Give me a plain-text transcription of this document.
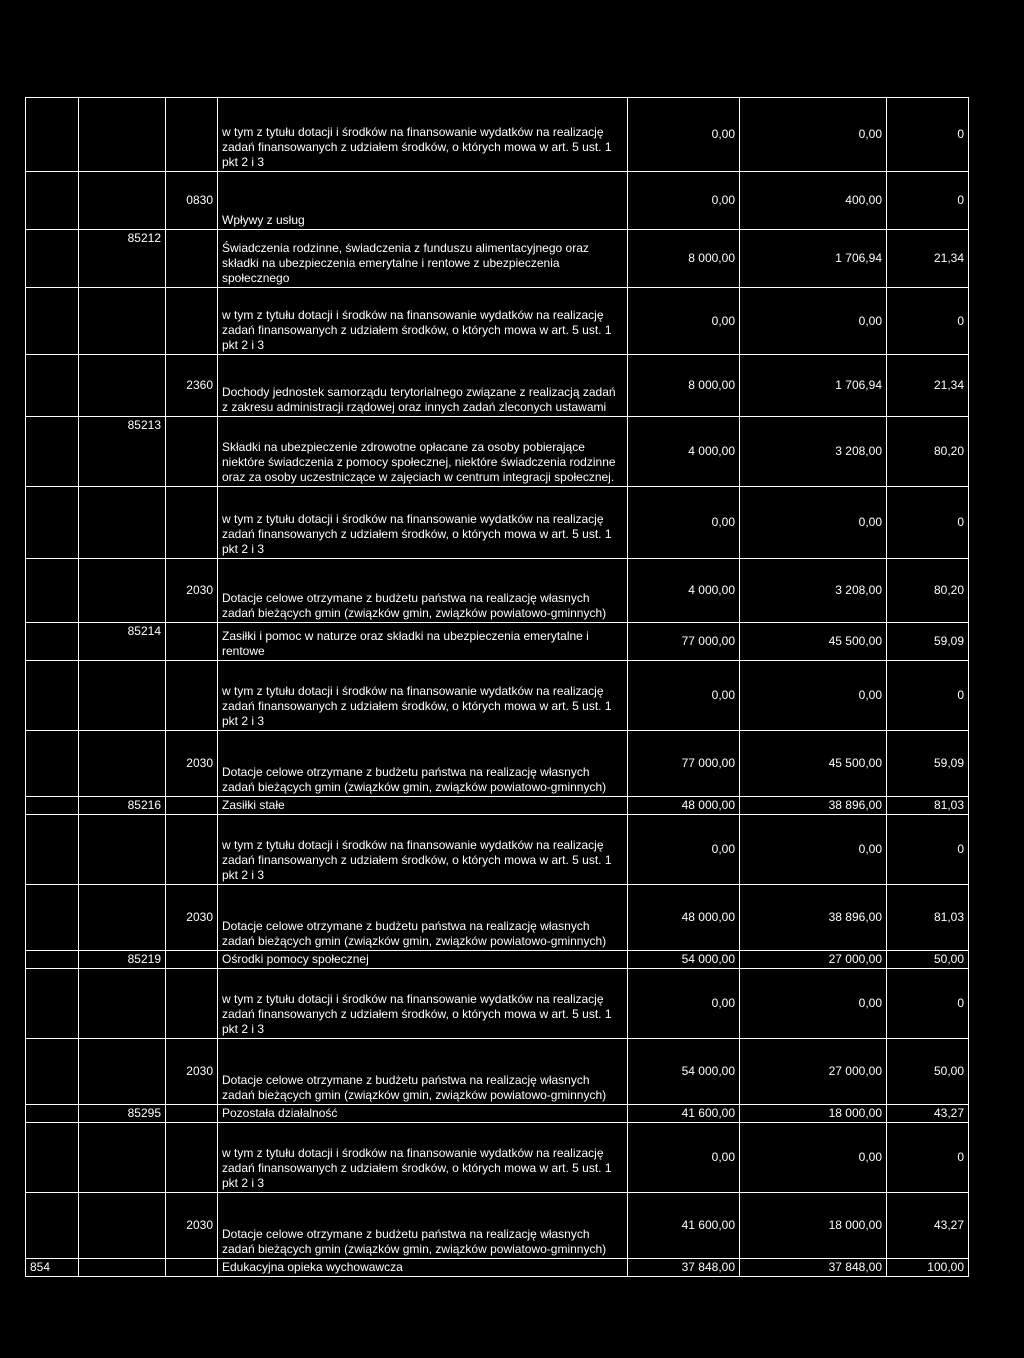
			w tym z tytułu dotacji i środków na finansowanie wydatków na realizację zadań finansowanych z udziałem środków, o których mowa w art. 5 ust. 1 pkt 2 i 3	0,00	0,00	0
		0830	Wpływy z usług	0,00	400,00	0
	85212		Świadczenia rodzinne, świadczenia z funduszu alimentacyjnego oraz składki na ubezpieczenia emerytalne i rentowe z ubezpieczenia społecznego	8 000,00	1 706,94	21,34
			w tym z tytułu dotacji i środków na finansowanie wydatków na realizację zadań finansowanych z udziałem środków, o których mowa w art. 5 ust. 1 pkt 2 i 3	0,00	0,00	0
		2360	Dochody jednostek samorządu terytorialnego związane z realizacją zadań z zakresu administracji rządowej oraz innych zadań zleconych ustawami	8 000,00	1 706,94	21,34
	85213		Składki na ubezpieczenie zdrowotne opłacane za osoby pobierające niektóre świadczenia z pomocy społecznej, niektóre świadczenia rodzinne oraz za osoby uczestniczące w zajęciach w centrum integracji społecznej.	4 000,00	3 208,00	80,20
			w tym z tytułu dotacji i środków na finansowanie wydatków na realizację zadań finansowanych z udziałem środków, o których mowa w art. 5 ust. 1 pkt 2 i 3	0,00	0,00	0
		2030	Dotacje celowe otrzymane z budżetu państwa na realizację własnych zadań bieżących gmin (związków gmin, związków powiatowo-gminnych)	4 000,00	3 208,00	80,20
	85214		Zasiłki i pomoc w naturze oraz składki na ubezpieczenia emerytalne i rentowe	77 000,00	45 500,00	59,09
			w tym z tytułu dotacji i środków na finansowanie wydatków na realizację zadań finansowanych z udziałem środków, o których mowa w art. 5 ust. 1 pkt 2 i 3	0,00	0,00	0
		2030	Dotacje celowe otrzymane z budżetu państwa na realizację własnych zadań bieżących gmin (związków gmin, związków powiatowo-gminnych)	77 000,00	45 500,00	59,09
	85216		Zasiłki stałe	48 000,00	38 896,00	81,03
			w tym z tytułu dotacji i środków na finansowanie wydatków na realizację zadań finansowanych z udziałem środków, o których mowa w art. 5 ust. 1 pkt 2 i 3	0,00	0,00	0
		2030	Dotacje celowe otrzymane z budżetu państwa na realizację własnych zadań bieżących gmin (związków gmin, związków powiatowo-gminnych)	48 000,00	38 896,00	81,03
	85219		Ośrodki pomocy społecznej	54 000,00	27 000,00	50,00
			w tym z tytułu dotacji i środków na finansowanie wydatków na realizację zadań finansowanych z udziałem środków, o których mowa w art. 5 ust. 1 pkt 2 i 3	0,00	0,00	0
		2030	Dotacje celowe otrzymane z budżetu państwa na realizację własnych zadań bieżących gmin (związków gmin, związków powiatowo-gminnych)	54 000,00	27 000,00	50,00
	85295		Pozostała działalność	41 600,00	18 000,00	43,27
			w tym z tytułu dotacji i środków na finansowanie wydatków na realizację zadań finansowanych z udziałem środków, o których mowa w art. 5 ust. 1 pkt 2 i 3	0,00	0,00	0
		2030	Dotacje celowe otrzymane z budżetu państwa na realizację własnych zadań bieżących gmin (związków gmin, związków powiatowo-gminnych)	41 600,00	18 000,00	43,27
854			Edukacyjna opieka wychowawcza	37 848,00	37 848,00	100,00
